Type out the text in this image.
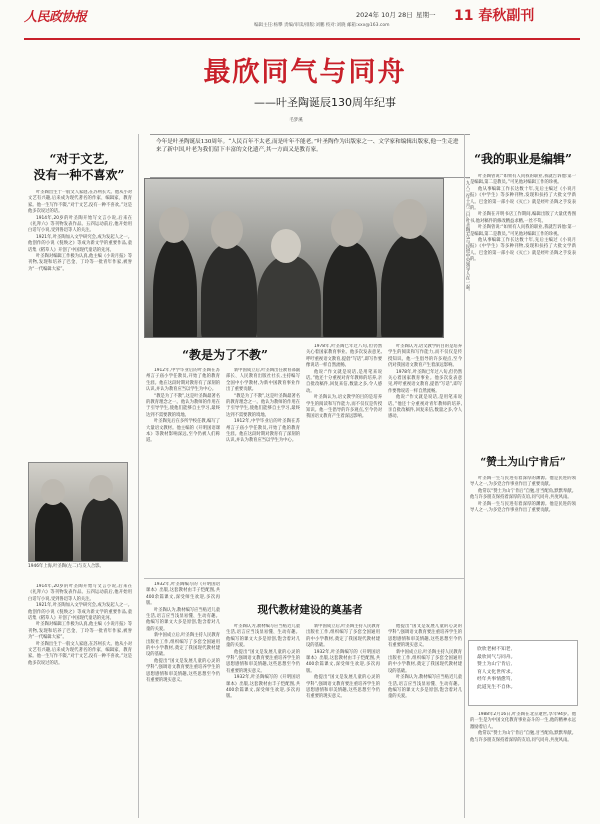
人民政协报	2024年 10月 28日 星期一
编辑主任:杨攀 责编/审读/排版:刘鹏 校对:刘晓 邮箱:xxx@163.com
11 春秋副刊
最欣同气与同舟
——叶圣陶诞辰130周年纪事
毛梦溪
今年是叶圣陶诞辰130周年。“人民百年不太老,而是叶年不能老。”叶圣陶作为出版家之一、文学家和编辑出版家,他一生走进来了新中国,叶老为我们留下丰富的文化遗产,其一方面又是教育家。
一九八三年十月二日,叶圣陶(左)与民进中央领导人在一起。
“对于文艺,
没有一种不喜欢”

叶圣陶出生于一般文人家庭,在苏州长大。他从小对文艺有兴趣,后来成为现代著名的作家、编辑家、教育家。他一生写作不辍,“对于文艺,没有一种不喜欢。”这是他多次说过的话。

1914年,20岁的叶圣陶开始写文言小说,后来在《礼拜六》等刊物发表作品。五四运动前后,他开始用白话写小说,受到鲁迅等人的关注。

1921年,叶圣陶加入文学研究会,成为发起人之一。他创作的小说《倪焕之》等成为新文学的重要作品,童话集《稻草人》开创了中国现代童话的先河。

叶圣陶对编辑工作极为认真,他主编《小说月报》等刊物,发现和培养了巴金、丁玲等一批青年作家,被誉为“一代编辑大家”。

1946年上海,叶圣陶(左二)与友人合影。

1914年,20岁的叶圣陶开始写文言小说,后来在《礼拜六》等刊物发表作品。五四运动前后,他开始用白话写小说,受到鲁迅等人的关注。

1921年,叶圣陶加入文学研究会,成为发起人之一。他创作的小说《倪焕之》等成为新文学的重要作品,童话集《稻草人》开创了中国现代童话的先河。

叶圣陶对编辑工作极为认真,他主编《小说月报》等刊物,发现和培养了巴金、丁玲等一批青年作家,被誉为“一代编辑大家”。

叶圣陶出生于一般文人家庭,在苏州长大。他从小对文艺有兴趣,后来成为现代著名的作家、编辑家、教育家。他一生写作不辍,“对于文艺,没有一种不喜欢。”这是他多次说过的话。

“教是为了不教”

1912年,中学毕业后的叶圣陶在苏州言子庙小学任教员,开始了他的教育生涯。他在这段时期对教育有了深刻的认识,并认为教育应当以学生为中心。

“教是为了不教”,这是叶圣陶最著名的教育理念之一。他认为教师的作用在于引导学生,使他们能够自主学习,最终达到不需要教的境地。

叶圣陶先后在多所学校任教,编写了大量语文教材。他主编的《开明国语课本》等教材影响深远,至今仍被人们称道。

新中国成立后,叶圣陶出任教育部副部长、人民教育出版社社长,主持编写全国中小学教材,为新中国教育事业作出了重要贡献。

“教是为了不教”,这是叶圣陶最著名的教育理念之一。他认为教师的作用在于引导学生,使他们能够自主学习,最终达到不需要教的境地。

1912年,中学毕业后的叶圣陶在苏州言子庙小学任教员,开始了他的教育生涯。他在这段时期对教育有了深刻的认识,并认为教育应当以学生为中心。

1978年,叶圣陶已年过八旬,但仍然关心着国家教育事业。他多次发表意见,呼吁重视语文教育,提倡“写话”,即写作要像说话一样自然流畅。

他说:“作文就是说话,是用笔来说话。”他还十分重视对青年教师的培养,亲自批改稿件,回复来信,数量之多,令人感动。

叶圣陶认为,语文教学的目的是培养学生的阅读和写作能力,而不仅仅是传授知识。他一生倡导的许多观点,至今仍对我国语文教育产生着深远影响。

叶圣陶认为,语文教学的目的是培养学生的阅读和写作能力,而不仅仅是传授知识。他一生倡导的许多观点,至今仍对我国语文教育产生着深远影响。

1978年,叶圣陶已年过八旬,但仍然关心着国家教育事业。他多次发表意见,呼吁重视语文教育,提倡“写话”,即写作要像说话一样自然流畅。

他说:“作文就是说话,是用笔来说话。”他还十分重视对青年教师的培养,亲自批改稿件,回复来信,数量之多,令人感动。

现代教材建设的奠基者

1932年,叶圣陶编写的《开明国语课本》出版,这套教材由丰子恺配图,共400余篇课文,深受师生欢迎,多次再版。

叶圣陶认为,教材编写应当贴近儿童生活,语言应当浅显易懂、生动有趣。他编写的课文大多是原创,饱含着对儿童的关爱。

新中国成立后,叶圣陶主持人民教育出版社工作,组织编写了多套全国通用的中小学教材,奠定了我国现代教材建设的基础。

他提出“国文是发展儿童的心灵的学科”,强调语文教育要注重培养学生的思想感情和审美情趣,这些思想至今仍有重要的现实意义。

叶圣陶认为,教材编写应当贴近儿童生活,语言应当浅显易懂、生动有趣。他编写的课文大多是原创,饱含着对儿童的关爱。

他提出“国文是发展儿童的心灵的学科”,强调语文教育要注重培养学生的思想感情和审美情趣,这些思想至今仍有重要的现实意义。

1932年,叶圣陶编写的《开明国语课本》出版,这套教材由丰子恺配图,共400余篇课文,深受师生欢迎,多次再版。

新中国成立后,叶圣陶主持人民教育出版社工作,组织编写了多套全国通用的中小学教材,奠定了我国现代教材建设的基础。

1932年,叶圣陶编写的《开明国语课本》出版,这套教材由丰子恺配图,共400余篇课文,深受师生欢迎,多次再版。

他提出“国文是发展儿童的心灵的学科”,强调语文教育要注重培养学生的思想感情和审美情趣,这些思想至今仍有重要的现实意义。

他提出“国文是发展儿童的心灵的学科”,强调语文教育要注重培养学生的思想感情和审美情趣,这些思想至今仍有重要的现实意义。

新中国成立后,叶圣陶主持人民教育出版社工作,组织编写了多套全国通用的中小学教材,奠定了我国现代教材建设的基础。

叶圣陶认为,教材编写应当贴近儿童生活,语言应当浅显易懂、生动有趣。他编写的课文大多是原创,饱含着对儿童的关爱。

“我的职业是编辑”

叶圣陶曾说:“如果有人问我的职业,我就告诉他:第一是编辑,第二是教员。”可见他对编辑工作的珍视。

他从事编辑工作长达数十年,先后主编过《小说月报》《中学生》等多种刊物,发现和扶持了大批文学新人。巴金的第一部小说《灭亡》就是经叶圣陶之手发表的。

叶圣陶在开明书店工作期间,编辑出版了大量优秀图书,他对稿件的修改精益求精,一丝不苟。

叶圣陶曾说:“如果有人问我的职业,我就告诉他:第一是编辑,第二是教员。”可见他对编辑工作的珍视。

他从事编辑工作长达数十年,先后主编过《小说月报》《中学生》等多种刊物,发现和扶持了大批文学新人。巴金的第一部小说《灭亡》就是经叶圣陶之手发表的。

“赞土为山宁肯后”

叶圣陶一生与民进有着深厚的渊源。他是民进的领导人之一,为多党合作事业作出了重要贡献。

他常以“赞土为山宁肯后”自勉,甘当配角,默默奉献。他与许多朋友保持着深厚的友谊,同气同舟,共度风雨。

叶圣陶一生与民进有着深厚的渊源。他是民进的领导人之一,为多党合作事业作出了重要贡献。

欣欣老树不知老,
最欣同气与同舟。
赞土为山宁肯后,
育人文化世所求。
经年共事情愈笃,
此道先生不自休。

1988年2月16日,叶圣陶在北京逝世,享年94岁。他的一生是为中国文化教育事业奋斗的一生,他的精神永远激励着后人。

他常以“赞土为山宁肯后”自勉,甘当配角,默默奉献。他与许多朋友保持着深厚的友谊,同气同舟,共度风雨。
